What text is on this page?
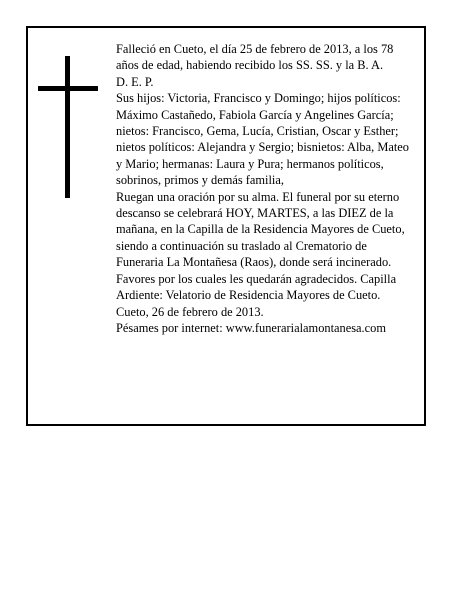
Falleció en Cueto, el día 25 de febrero de 2013, a los 78 años de edad, habiendo recibido los SS. SS. y la B. A.

D. E. P.

Sus hijos: Victoria, Francisco y Domingo; hijos políticos: Máximo Castañedo, Fabiola García y Angelines García; nietos: Francisco, Gema, Lucía, Cristian, Oscar y Esther; nietos políticos: Alejandra y Sergio; bisnietos: Alba, Mateo y Mario; hermanas: Laura y Pura; hermanos políticos, sobrinos, primos y demás familia,

Ruegan una oración por su alma. El funeral por su eterno descanso se celebrará HOY, MARTES, a las DIEZ de la mañana, en la Capilla de la Residencia Mayores de Cueto, siendo a continuación su traslado al Crematorio de Funeraria La Montañesa (Raos), donde será incinerado. Favores por los cuales les quedarán agradecidos. Capilla Ardiente: Velatorio de Residencia Mayores de Cueto.

Cueto, 26 de febrero de 2013.

Pésames por internet: www.funerarialamontanesa.com
